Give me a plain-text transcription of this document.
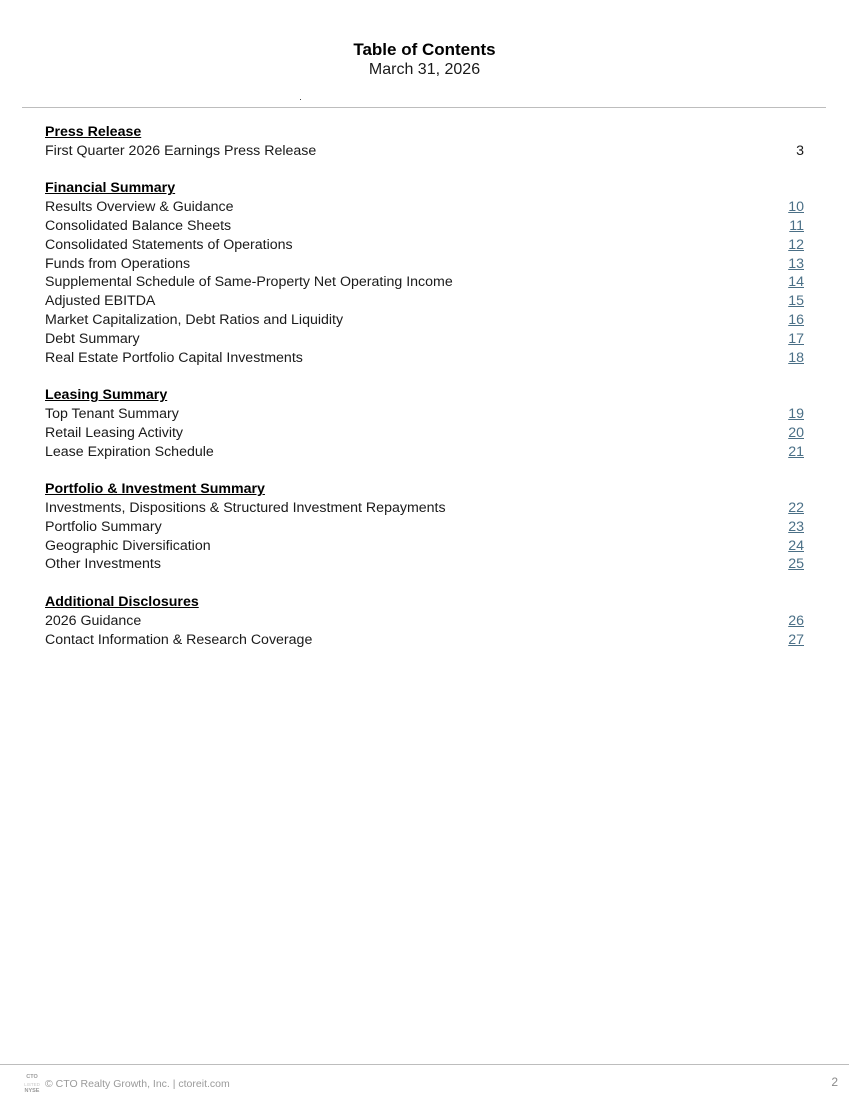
Table of Contents
March 31, 2026
Press Release
First Quarter 2026 Earnings Press Release	3
Financial Summary
Results Overview & Guidance	10
Consolidated Balance Sheets	11
Consolidated Statements of Operations	12
Funds from Operations	13
Supplemental Schedule of Same-Property Net Operating Income	14
Adjusted EBITDA	15
Market Capitalization, Debt Ratios and Liquidity	16
Debt Summary	17
Real Estate Portfolio Capital Investments	18
Leasing Summary
Top Tenant Summary	19
Retail Leasing Activity	20
Lease Expiration Schedule	21
Portfolio & Investment Summary
Investments, Dispositions & Structured Investment Repayments	22
Portfolio Summary	23
Geographic Diversification	24
Other Investments	25
Additional Disclosures
2026 Guidance	26
Contact Information & Research Coverage	27
CTO
LISTED
NYSE
© CTO Realty Growth, Inc. | ctoreit.com	2
